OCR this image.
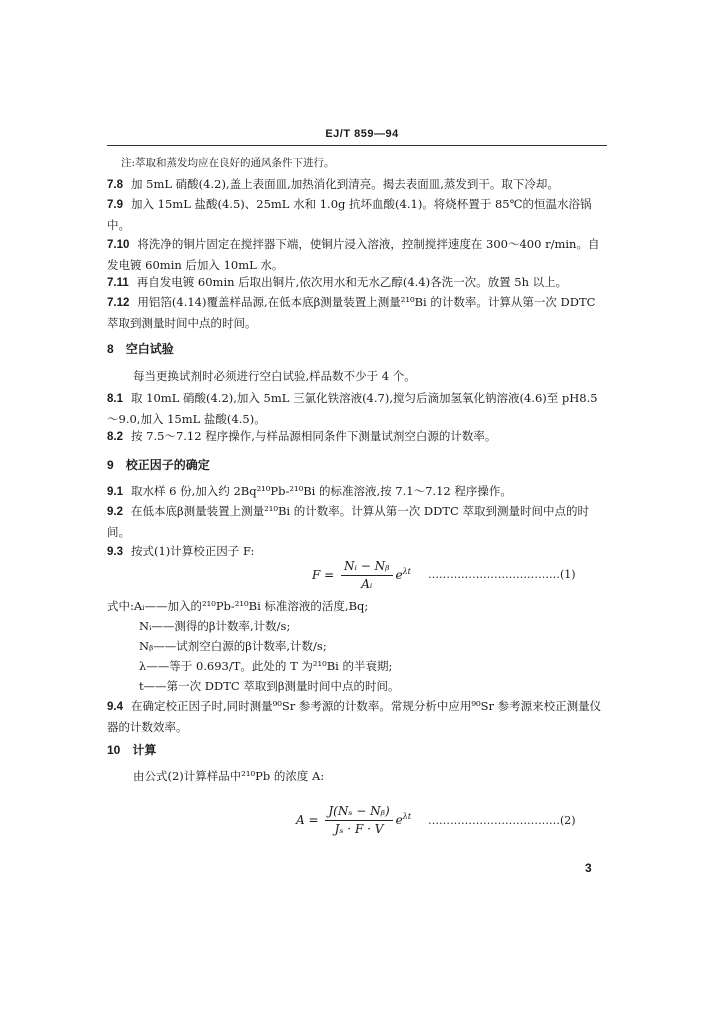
EJ/T 859—94
注:萃取和蒸发均应在良好的通风条件下进行。
7.8 加 5mL 硝酸(4.2),盖上表面皿,加热消化到清亮。揭去表面皿,蒸发到干。取下冷却。
7.9 加入 15mL 盐酸(4.5)、25mL 水和 1.0g 抗坏血酸(4.1)。将烧杯置于 85℃的恒温水浴锅中。
7.10 将洗净的铜片固定在搅拌器下端，使铜片浸入溶液，控制搅拌速度在 300～400 r/min。自发电镀 60min 后加入 10mL 水。
7.11 再自发电镀 60min 后取出铜片,依次用水和无水乙醇(4.4)各洗一次。放置 5h 以上。
7.12 用铝箔(4.14)覆盖样品源,在低本底β测量装置上测量²¹⁰Bi 的计数率。计算从第一次 DDTC 萃取到测量时间中点的时间。
8 空白试验
每当更换试剂时必须进行空白试验,样品数不少于 4 个。
8.1 取 10mL 硝酸(4.2),加入 5mL 三氯化铁溶液(4.7),搅匀后滴加氢氧化钠溶液(4.6)至 pH8.5～9.0,加入 15mL 盐酸(4.5)。
8.2 按 7.5～7.12 程序操作,与样品源相同条件下测量试剂空白源的计数率。
9 校正因子的确定
9.1 取水样 6 份,加入约 2Bq²¹⁰Pb-²¹⁰Bi 的标准溶液,按 7.1～7.12 程序操作。
9.2 在低本底β测量装置上测量²¹⁰Bi 的计数率。计算从第一次 DDTC 萃取到测量时间中点的时间。
9.3 按式(1)计算校正因子 F:
$F = \frac{\text{Nᵢ − Nᵦ}}{\text{Aᵢ}} e^{\lambda t}$ ………………………………(1)
式中:Aᵢ——加入的²¹⁰Pb-²¹⁰Bi 标准溶液的活度,Bq;
Nᵢ——测得的β计数率,计数/s;
Nᵦ——试剂空白源的β计数率,计数/s;
λ——等于 0.693/T。此处的 T 为²¹⁰Bi 的半衰期;
t——第一次 DDTC 萃取到β测量时间中点的时间。
9.4 在确定校正因子时,同时测量⁹⁰Sr 参考源的计数率。常规分析中应用⁹⁰Sr 参考源来校正测量仪器的计数效率。
10 计算
由公式(2)计算样品中²¹⁰Pb 的浓度 A:
$A = \frac{\text{J(Nₛ − Nᵦ)}}{\text{Jₛ · F · V}} e^{\lambda t}$ ………………………………(2)
3
